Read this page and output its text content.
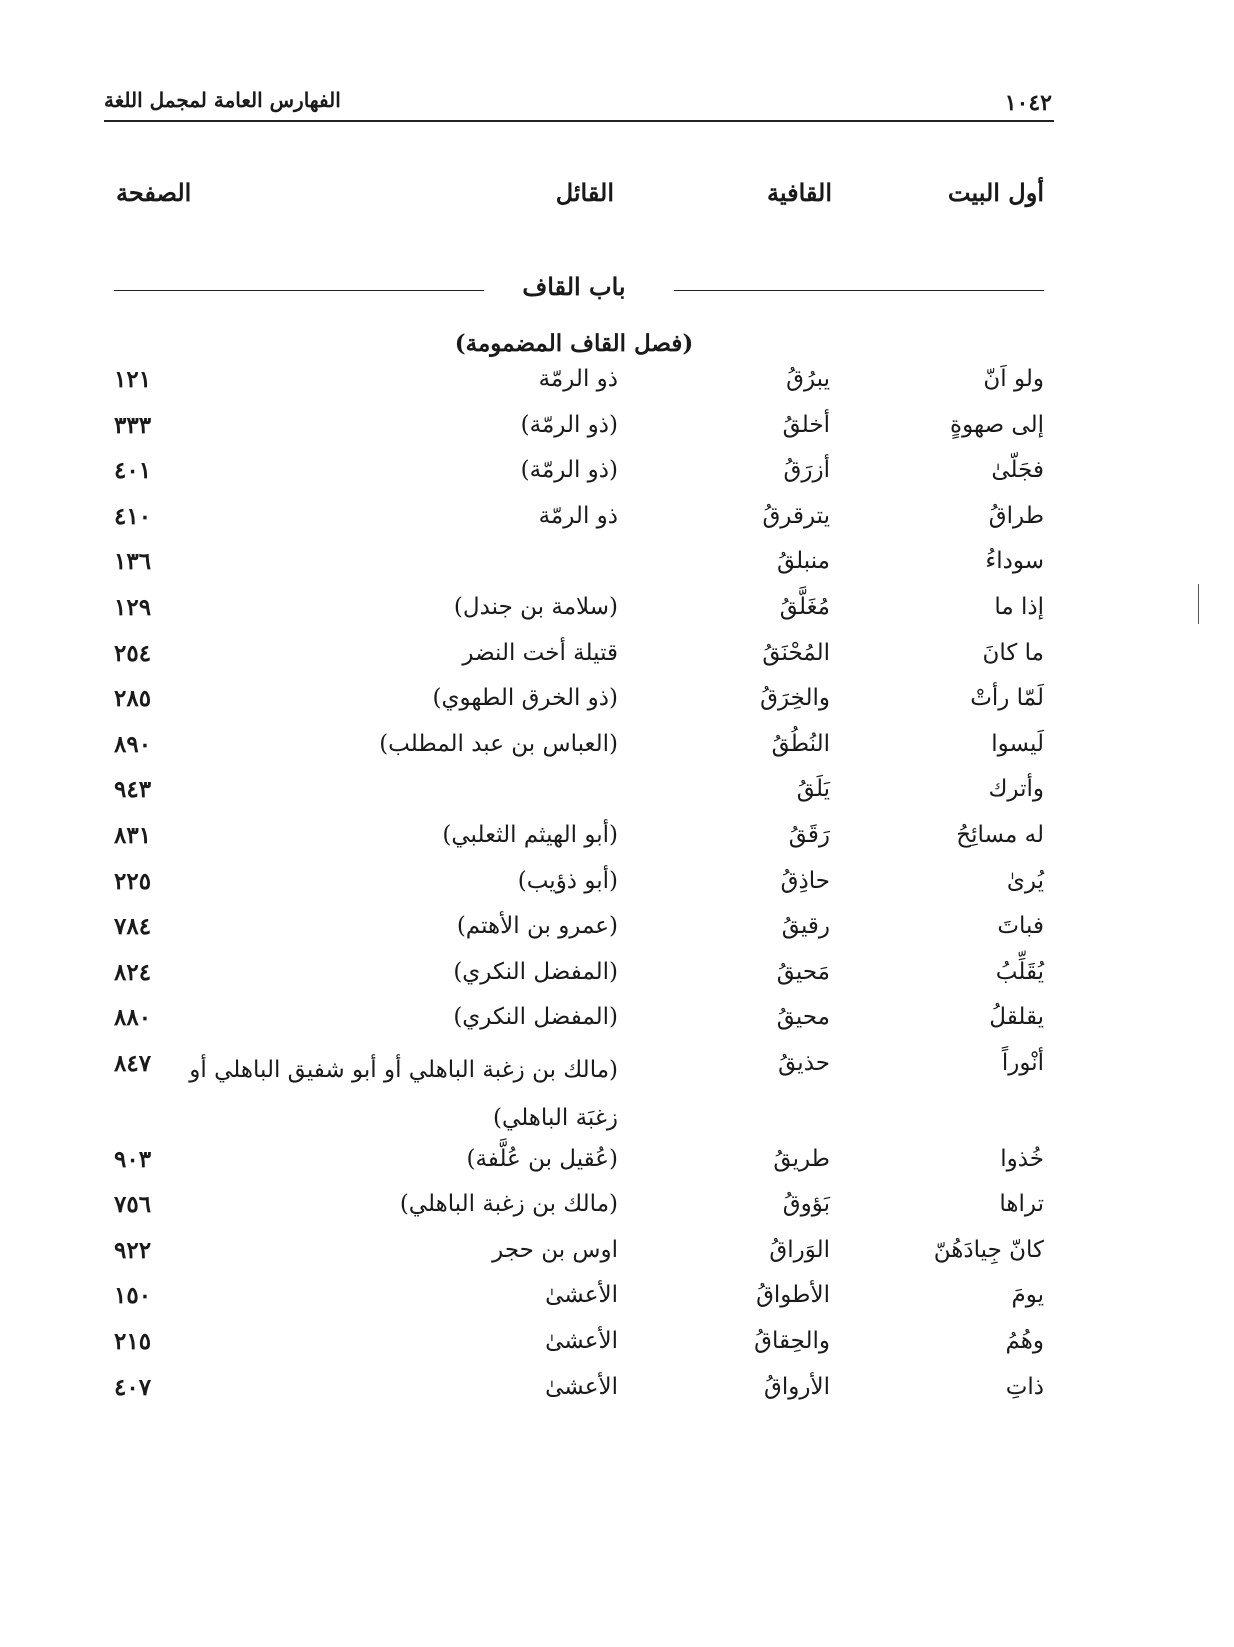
١٠٤٢
الفهارس العامة لمجمل اللغة
أول البيت
القافية
القائل
الصفحة
باب القاف
(فصل القاف المضمومة)
ولو اَنّ
يبرُقُ
ذو الرمّة
١٢١
إلى صهوةٍ
أخلقُ
(ذو الرمّة)
٣٣٣
فجَلّىٰ
أزرَقُ
(ذو الرمّة)
٤٠١
طراقُ
يترقرقُ
ذو الرمّة
٤١٠
سوداءُ
منبلقُ
١٣٦
إذا ما
مُغَلَّقُ
(سلامة بن جندل)
١٢٩
ما كانَ
المُحْنَقُ
قتيلة أخت النضر
٢٥٤
لَمّا رأتْ
والخِرَقُ
(ذو الخرق الطهوي)
٢٨٥
لَيسوا
النُطُقُ
(العباس بن عبد المطلب)
٨٩٠
وأترك
يَلَقُ
٩٤٣
له مسائِحُ
رَقَقُ
(أبو الهيثم الثعلبي)
٨٣١
يُرىٰ
حاذِقُ
(أبو ذؤيب)
٢٢٥
فباتَ
رقيقُ
(عمرو بن الأهتم)
٧٨٤
يُقَلِّبُ
مَحيقُ
(المفضل النكري)
٨٢٤
يقلقلُ
محيقُ
(المفضل النكري)
٨٨٠
أنْوراً
حذيقُ
(مالك بن زغبة الباهلي أو أبو شفيق الباهلي أو زغبَة الباهلي)
٨٤٧
خُذوا
طريقُ
(عُقيل بن عُلَّفة)
٩٠٣
تراها
بَؤوقُ
(مالك بن زغبة الباهلي)
٧٥٦
كانّ جِيادَهُنّ
الوَراقُ
اوس بن حجر
٩٢٢
يومَ
الأطواقُ
الأعشىٰ
١٥٠
وهُمُ
والحِقاقُ
الأعشىٰ
٢١٥
ذاتِ
الأرواقُ
الأعشىٰ
٤٠٧
